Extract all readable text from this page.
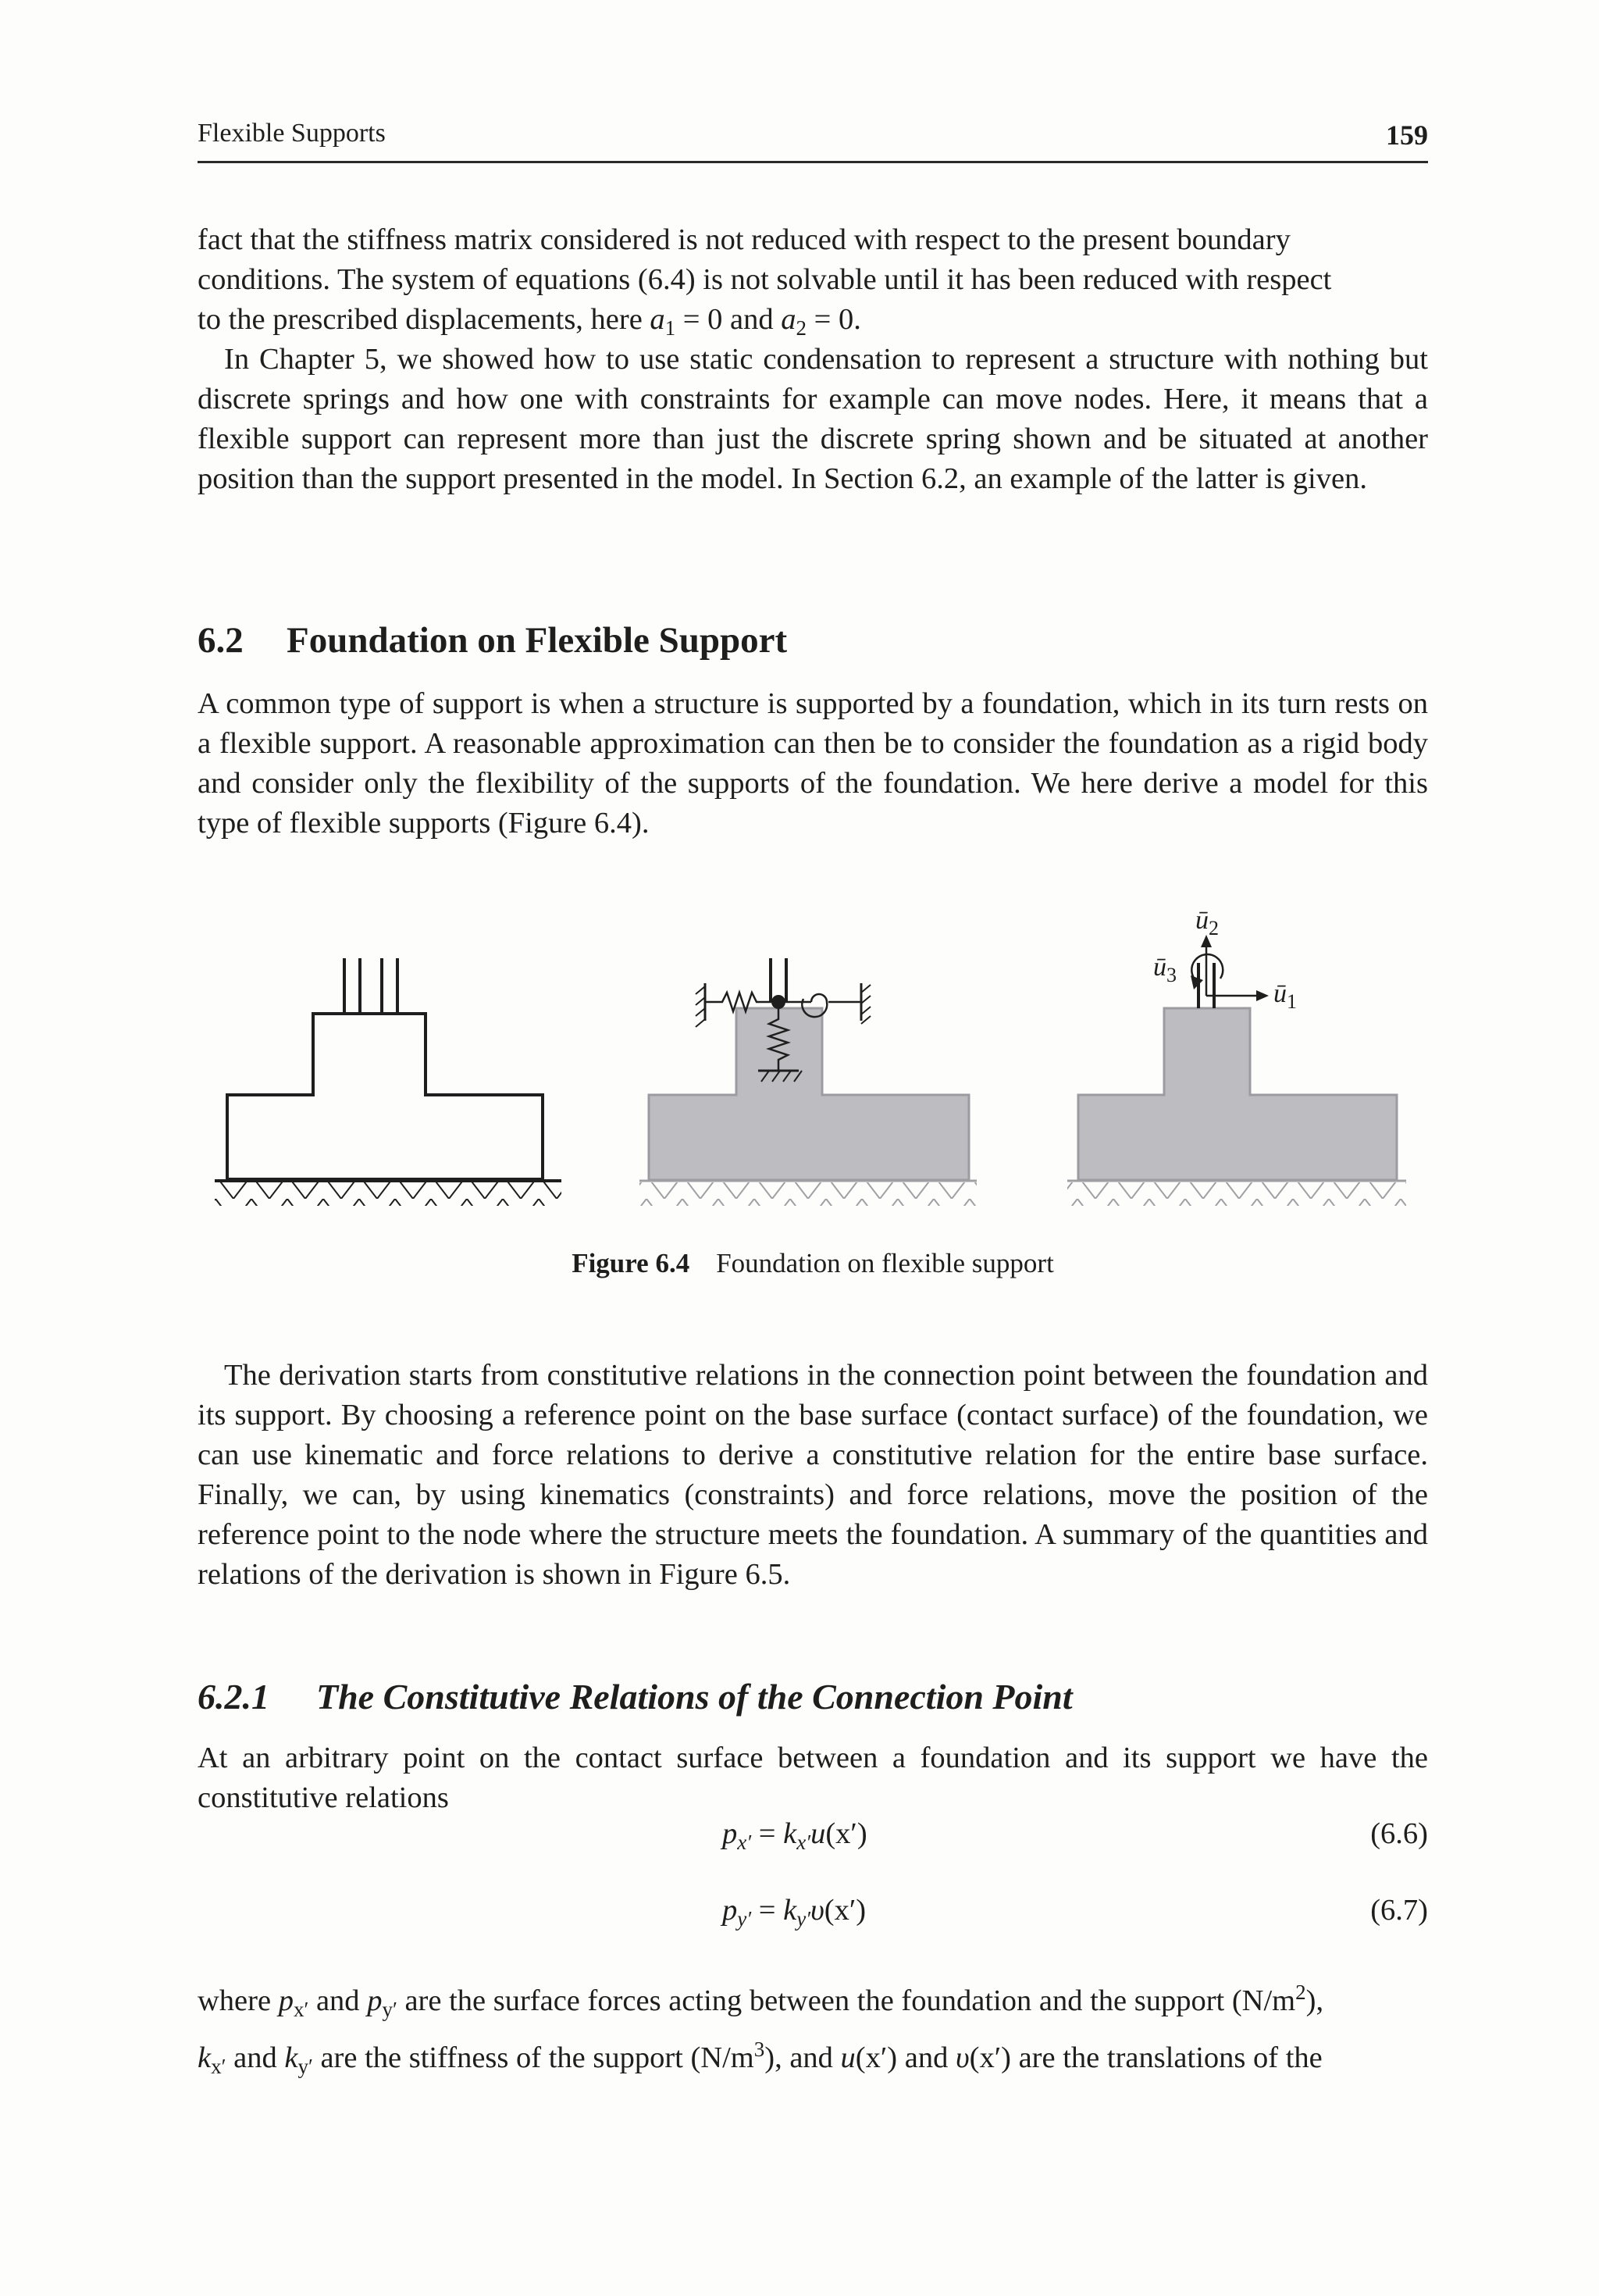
Flexible Supports	159
fact that the stiffness matrix considered is not reduced with respect to the present boundary
conditions. The system of equations (6.4) is not solvable until it has been reduced with respect
to the prescribed displacements, here $a_1 = 0$ and $a_2 = 0$.

In Chapter 5, we showed how to use static condensation to represent a structure with nothing but discrete springs and how one with constraints for example can move nodes. Here, it means that a flexible support can represent more than just the discrete spring shown and be situated at another position than the support presented in the model. In Section 6.2, an example of the latter is given.

6.2 Foundation on Flexible Support

A common type of support is when a structure is supported by a foundation, which in its turn rests on a flexible support. A reasonable approximation can then be to consider the foundation as a rigid body and consider only the flexibility of the supports of the foundation. We here derive a model for this type of flexible supports (Figure 6.4).

$ū_2$
$ū_3$
$ū_1$
Figure 6.4 Foundation on flexible support

The derivation starts from constitutive relations in the connection point between the foundation and its support. By choosing a reference point on the base surface (contact surface) of the foundation, we can use kinematic and force relations to derive a constitutive relation for the entire base surface. Finally, we can, by using kinematics (constraints) and force relations, move the position of the reference point to the node where the structure meets the foundation. A summary of the quantities and relations of the derivation is shown in Figure 6.5.

6.2.1 The Constitutive Relations of the Connection Point

At an arbitrary point on the contact surface between a foundation and its support we have the constitutive relations

$p_{x'} = k_{x'}u(x')$	(6.6)
$p_{y'} = k_{y'}\upsilon(x')$	(6.7)
where $p_{x'}$ and $p_{y'}$ are the surface forces acting between the foundation and the support $(N/m^2)$,
$k_{x'}$ and $k_{y'}$ are the stiffness of the support $(N/m^3)$, and u(x′) and υ(x′) are the translations of the
